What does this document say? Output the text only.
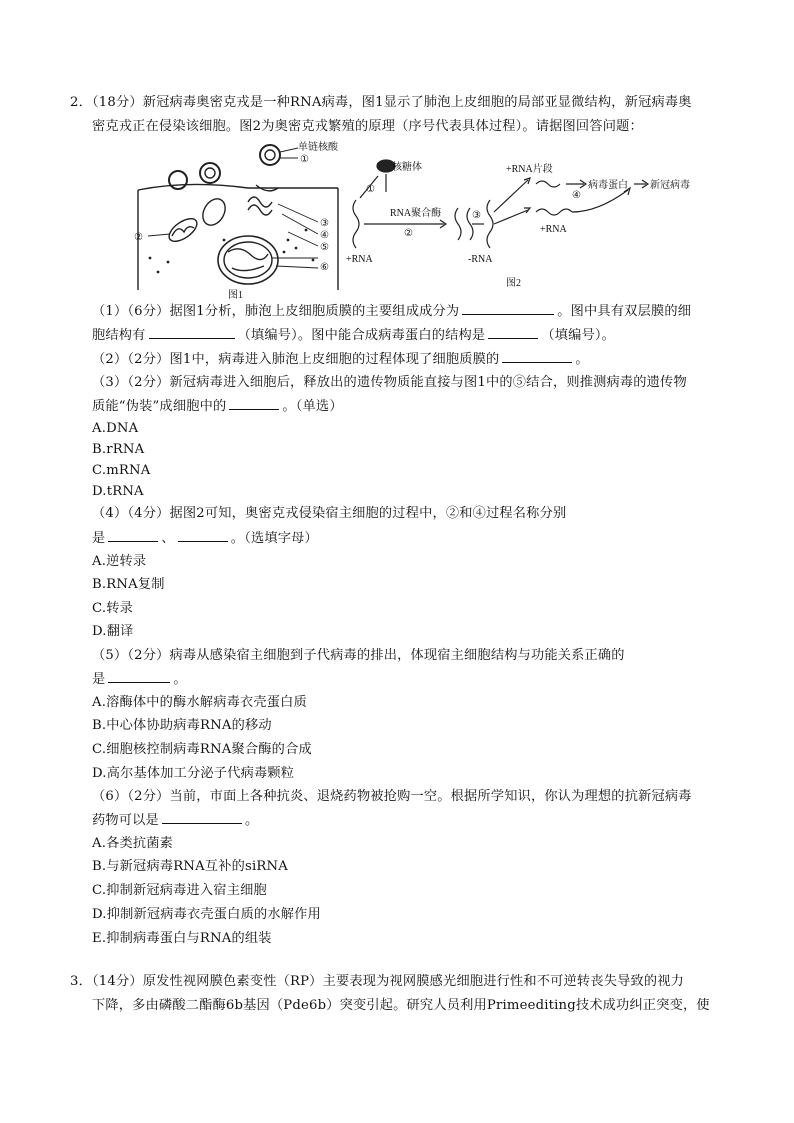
2．（18分）新冠病毒奥密克戎是一种RNA病毒，图1显示了肺泡上皮细胞的局部亚显微结构，新冠病毒奥
密克戎正在侵染该细胞。图2为奥密克戎繁殖的原理（序号代表具体过程）。请据图回答问题：
单链核酸
①
②
③
④
⑤
⑥
图1
核糖体
①
RNA聚合酶
②
③
+RNA	-RNA
+RNA片段
④
病毒蛋白 新冠病毒
+RNA
图2
（1）（6分）据图1分析，肺泡上皮细胞质膜的主要组成成分为	。图中具有双层膜的细
胞结构有	（填编号）。图中能合成病毒蛋白的结构是	（填编号）。
（2）（2分）图1中，病毒进入肺泡上皮细胞的过程体现了细胞质膜的	。
（3）（2分）新冠病毒进入细胞后，释放出的遗传物质能直接与图1中的⑤结合，则推测病毒的遗传物
质能“伪装”成细胞中的	。（单选）
A.DNA
B.rRNA
C.mRNA
D.tRNA
（4）（4分）据图2可知，奥密克戎侵染宿主细胞的过程中，②和④过程名称分别
是	、	。（选填字母）
A.逆转录
B.RNA复制
C.转录
D.翻译
（5）（2分）病毒从感染宿主细胞到子代病毒的排出，体现宿主细胞结构与功能关系正确的
是	。
A.溶酶体中的酶水解病毒衣壳蛋白质
B.中心体协助病毒RNA的移动
C.细胞核控制病毒RNA聚合酶的合成
D.高尔基体加工分泌子代病毒颗粒
（6）（2分）当前，市面上各种抗炎、退烧药物被抢购一空。根据所学知识，你认为理想的抗新冠病毒
药物可以是	。
A.各类抗菌素
B.与新冠病毒RNA互补的siRNA
C.抑制新冠病毒进入宿主细胞
D.抑制新冠病毒衣壳蛋白质的水解作用
E.抑制病毒蛋白与RNA的组装
3．（14分）原发性视网膜色素变性（RP）主要表现为视网膜感光细胞进行性和不可逆转丧失导致的视力
下降，多由磷酸二酯酶6b基因（Pde6b）突变引起。研究人员利用Primeediting技术成功纠正突变，使
